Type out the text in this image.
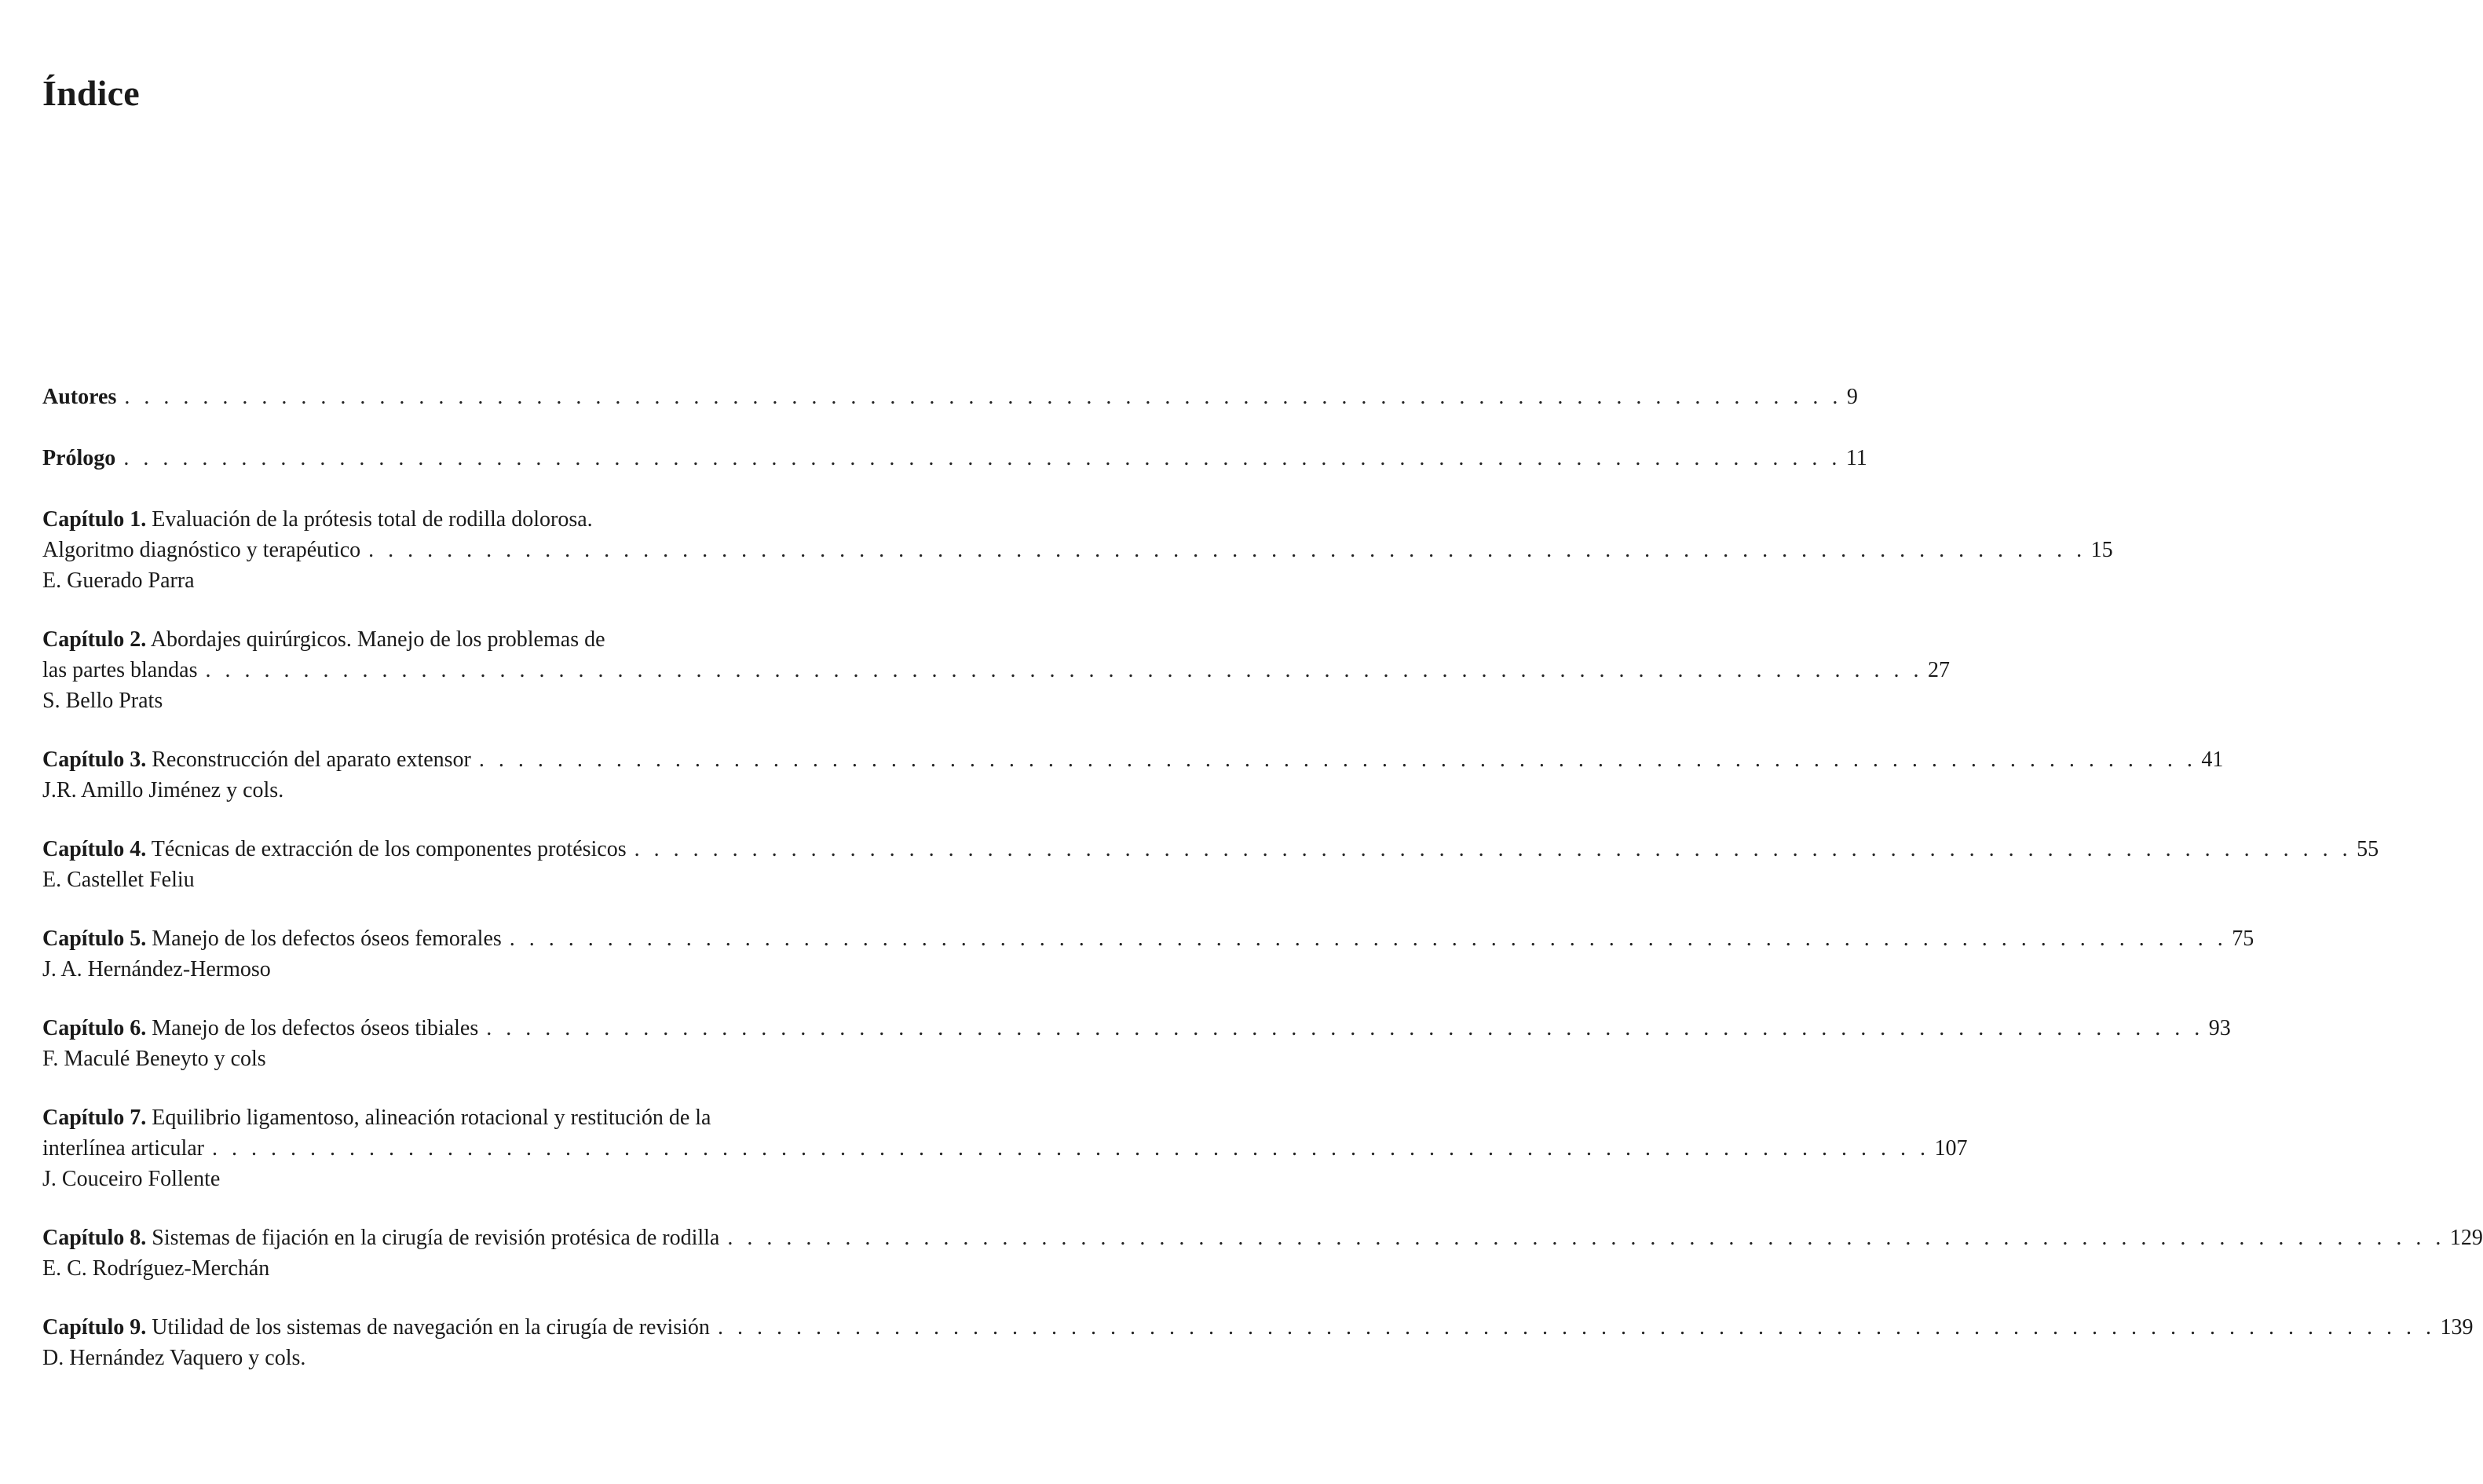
Índice
Autores . . . . . . . . . . . . . . . . . . . . . . . . . . . . . . . . . . . . . . . . . . . . . . . . . . . . . . . . . . . . . . . . . . . . . . . . . . . . . . . . . . . . . . . . 9
Prólogo . . . . . . . . . . . . . . . . . . . . . . . . . . . . . . . . . . . . . . . . . . . . . . . . . . . . . . . . . . . . . . . . . . . . . . . . . . . . . . . . . . . . . . . . 11
Capítulo 1. Evaluación de la prótesis total de rodilla dolorosa.
Algoritmo diagnóstico y terapéutico . . . . . . . . . . . . . . . . . . . . . . . . . . . . . . . . . . . . . . . . . . . . . . . . . . . . . . . . . . . . . . . . . . . . . . . . . . . . . . . . . . . . . . . . 15
E. Guerado Parra
Capítulo 2. Abordajes quirúrgicos. Manejo de los problemas de
las partes blandas . . . . . . . . . . . . . . . . . . . . . . . . . . . . . . . . . . . . . . . . . . . . . . . . . . . . . . . . . . . . . . . . . . . . . . . . . . . . . . . . . . . . . . . . 27
S. Bello Prats
Capítulo 3. Reconstrucción del aparato extensor . . . . . . . . . . . . . . . . . . . . . . . . . . . . . . . . . . . . . . . . . . . . . . . . . . . . . . . . . . . . . . . . . . . . . . . . . . . . . . . . . . . . . . . . 41
J.R. Amillo Jiménez y cols.
Capítulo 4. Técnicas de extracción de los componentes protésicos . . . . . . . . . . . . . . . . . . . . . . . . . . . . . . . . . . . . . . . . . . . . . . . . . . . . . . . . . . . . . . . . . . . . . . . . . . . . . . . . . . . . . . . . 55
E. Castellet Feliu
Capítulo 5. Manejo de los defectos óseos femorales . . . . . . . . . . . . . . . . . . . . . . . . . . . . . . . . . . . . . . . . . . . . . . . . . . . . . . . . . . . . . . . . . . . . . . . . . . . . . . . . . . . . . . . . 75
J. A. Hernández-Hermoso
Capítulo 6. Manejo de los defectos óseos tibiales . . . . . . . . . . . . . . . . . . . . . . . . . . . . . . . . . . . . . . . . . . . . . . . . . . . . . . . . . . . . . . . . . . . . . . . . . . . . . . . . . . . . . . . . 93
F. Maculé Beneyto y cols
Capítulo 7. Equilibrio ligamentoso, alineación rotacional y restitución de la
interlínea articular . . . . . . . . . . . . . . . . . . . . . . . . . . . . . . . . . . . . . . . . . . . . . . . . . . . . . . . . . . . . . . . . . . . . . . . . . . . . . . . . . . . . . . . . 107
J. Couceiro Follente
Capítulo 8. Sistemas de fijación en la cirugía de revisión protésica de rodilla . . . . . . . . . . . . . . . . . . . . . . . . . . . . . . . . . . . . . . . . . . . . . . . . . . . . . . . . . . . . . . . . . . . . . . . . . . . . . . . . . . . . . . . . 129
E. C. Rodríguez-Merchán
Capítulo 9. Utilidad de los sistemas de navegación en la cirugía de revisión . . . . . . . . . . . . . . . . . . . . . . . . . . . . . . . . . . . . . . . . . . . . . . . . . . . . . . . . . . . . . . . . . . . . . . . . . . . . . . . . . . . . . . . . 139
D. Hernández Vaquero y cols.
